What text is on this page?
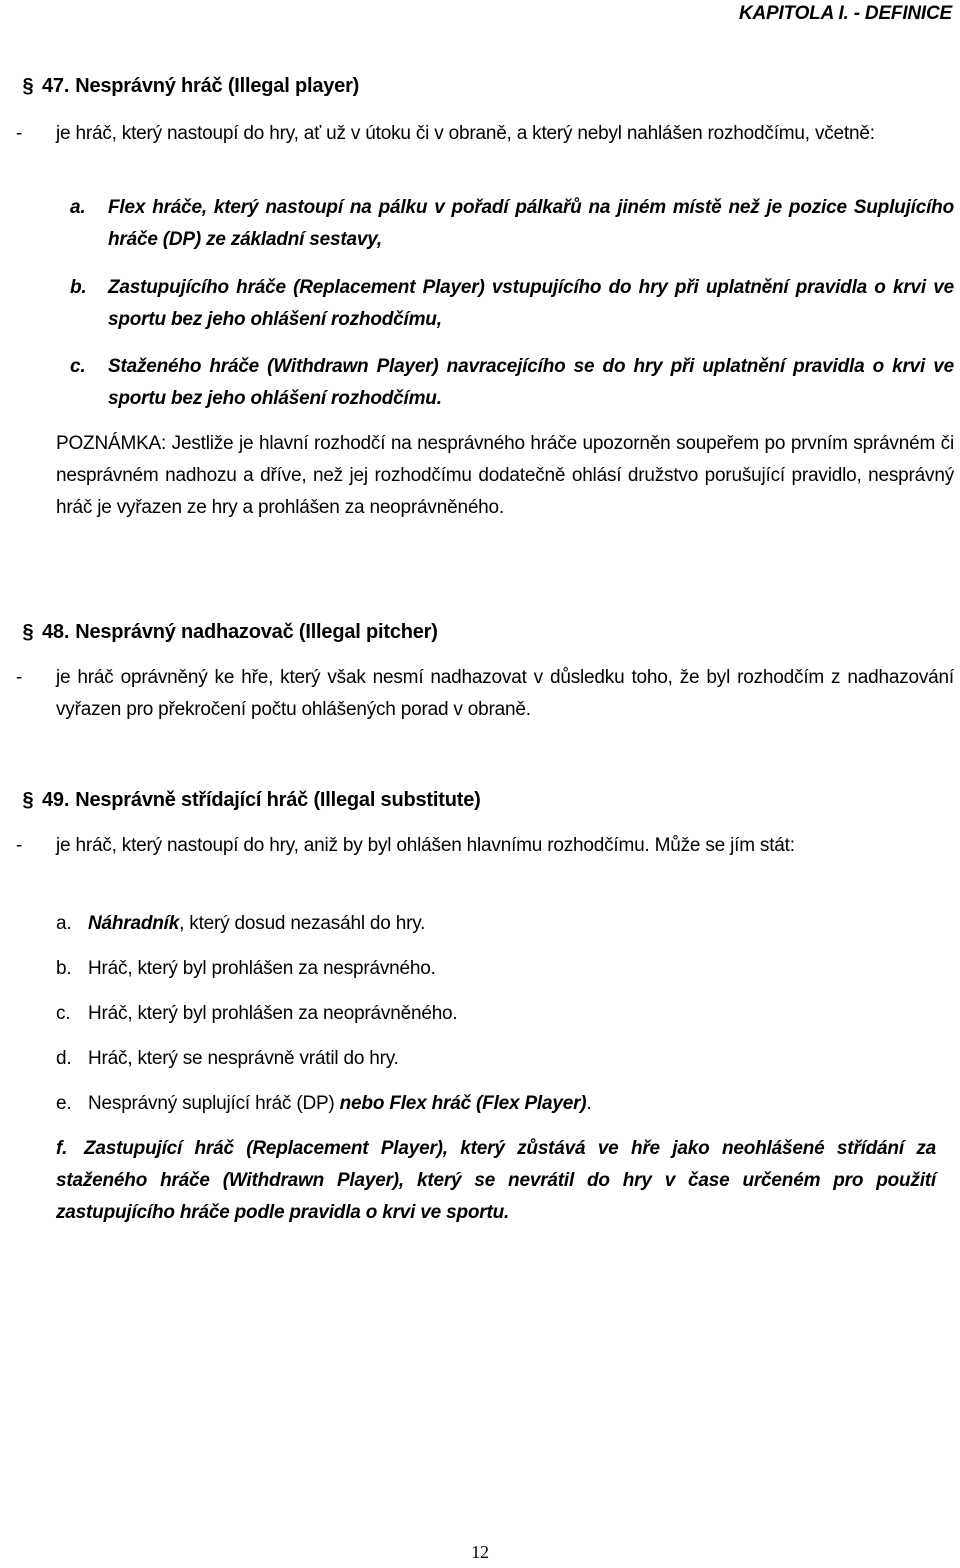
KAPITOLA I. - DEFINICE
§ 47. Nesprávný hráč (Illegal player)
- je hráč, který nastoupí do hry, ať už v útoku či v obraně, a který nebyl nahlášen rozhodčímu, včetně:
a. Flex hráče, který nastoupí na pálku v pořadí pálkařů na jiném místě než je pozice Suplujícího hráče (DP) ze základní sestavy,
b. Zastupujícího hráče (Replacement Player) vstupujícího do hry při uplatnění pravidla o krvi ve sportu bez jeho ohlášení rozhodčímu,
c. Staženého hráče (Withdrawn Player) navracejícího se do hry při uplatnění pravidla o krvi ve sportu bez jeho ohlášení rozhodčímu.
POZNÁMKA: Jestliže je hlavní rozhodčí na nesprávného hráče upozorněn soupeřem po prvním správném či nesprávném nadhozu a dříve, než jej rozhodčímu dodatečně ohlásí družstvo porušující pravidlo, nesprávný hráč je vyřazen ze hry a prohlášen za neoprávněného.
§ 48. Nesprávný nadhazovač (Illegal pitcher)
- je hráč oprávněný ke hře, který však nesmí nadhazovat v důsledku toho, že byl rozhodčím z nadhazování vyřazen pro překročení počtu ohlášených porad v obraně.
§ 49. Nesprávně střídající hráč (Illegal substitute)
- je hráč, který nastoupí do hry, aniž by byl ohlášen hlavnímu rozhodčímu. Může se jím stát:
a. Náhradník, který dosud nezasáhl do hry.
b. Hráč, který byl prohlášen za nesprávného.
c. Hráč, který byl prohlášen za neoprávněného.
d. Hráč, který se nesprávně vrátil do hry.
e. Nesprávný suplující hráč (DP) nebo Flex hráč (Flex Player).
f. Zastupující hráč (Replacement Player), který zůstává ve hře jako neohlášené střídání za staženého hráče (Withdrawn Player), který se nevrátil do hry v čase určeném pro použití zastupujícího hráče podle pravidla o krvi ve sportu.
12
